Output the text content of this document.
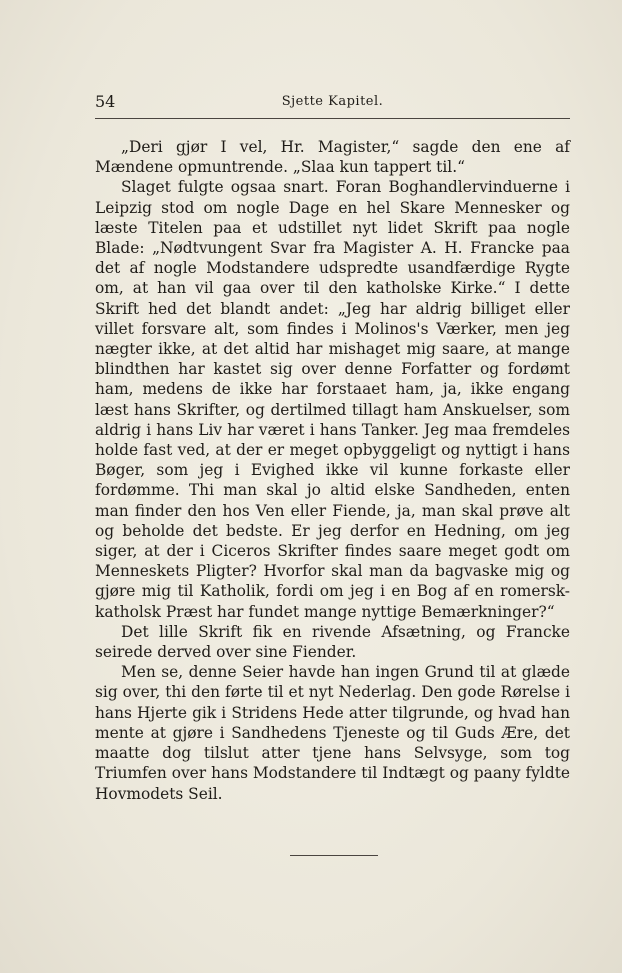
54	Sjette Kapitel.

„Deri gjør I vel, Hr. Magister,“ sagde den ene af Mændene opmuntrende. „Slaa kun tappert til.“

Slaget fulgte ogsaa snart. Foran Boghandlervinduerne i Leipzig stod om nogle Dage en hel Skare Mennesker og læste Titelen paa et udstillet nyt lidet Skrift paa nogle Blade: „Nødtvungent Svar fra Magister A. H. Francke paa det af nogle Modstandere udspredte usandfærdige Rygte om, at han vil gaa over til den katholske Kirke.“ I dette Skrift hed det blandt andet: „Jeg har aldrig billiget eller villet forsvare alt, som findes i Molinos's Værker, men jeg nægter ikke, at det altid har mishaget mig saare, at mange blindthen har kastet sig over denne Forfatter og fordømt ham, medens de ikke har forstaaet ham, ja, ikke engang læst hans Skrifter, og dertilmed tillagt ham Anskuelser, som aldrig i hans Liv har været i hans Tanker. Jeg maa fremdeles holde fast ved, at der er meget opbyggeligt og nyttigt i hans Bøger, som jeg i Evighed ikke vil kunne forkaste eller fordømme. Thi man skal jo altid elske Sandheden, enten man finder den hos Ven eller Fiende, ja, man skal prøve alt og beholde det bedste. Er jeg derfor en Hedning, om jeg siger, at der i Ciceros Skrifter findes saare meget godt om Menneskets Pligter? Hvorfor skal man da bagvaske mig og gjøre mig til Katholik, fordi om jeg i en Bog af en romersk-katholsk Præst har fundet mange nyttige Bemærkninger?“

Det lille Skrift fik en rivende Afsætning, og Francke seirede derved over sine Fiender.

Men se, denne Seier havde han ingen Grund til at glæde sig over, thi den førte til et nyt Nederlag. Den gode Rørelse i hans Hjerte gik i Stridens Hede atter tilgrunde, og hvad han mente at gjøre i Sandhedens Tjeneste og til Guds Ære, det maatte dog tilslut atter tjene hans Selvsyge, som tog Triumfen over hans Modstandere til Indtægt og paany fyldte Hovmodets Seil.
